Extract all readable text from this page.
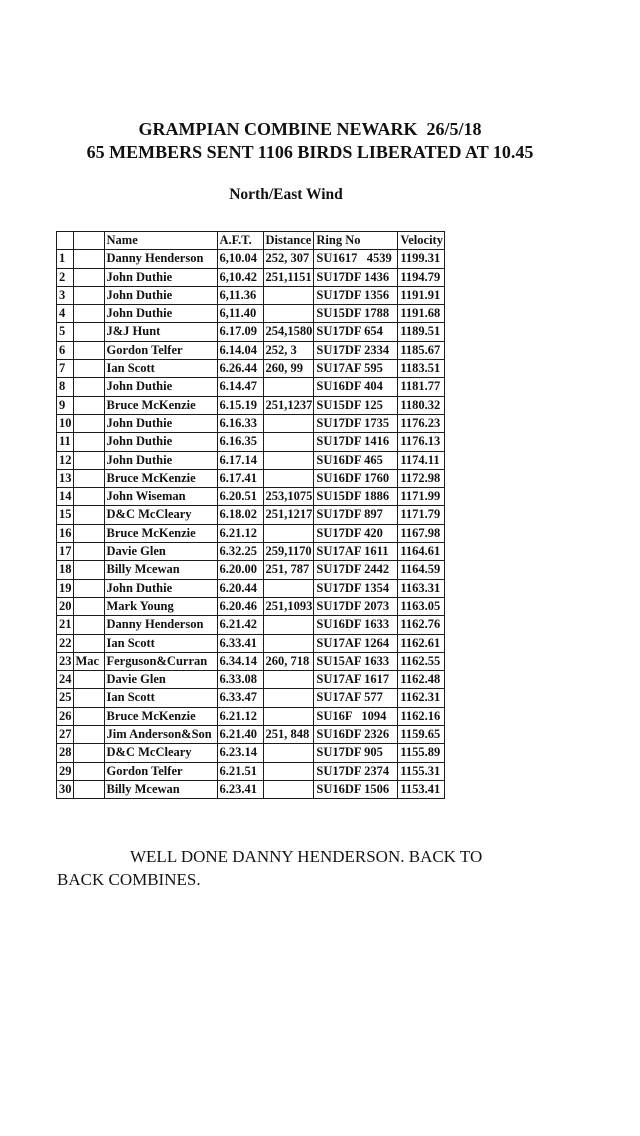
GRAMPIAN COMBINE NEWARK  26/5/18
65 MEMBERS SENT 1106 BIRDS LIBERATED AT 10.45
North/East Wind
		Name	A.F.T.	Distance	Ring No	Velocity
1		Danny Henderson	6,10.04	252, 307	SU1617   4539	1199.31
2		John Duthie	6,10.42	251,1151	SU17DF 1436	1194.79
3		John Duthie	6,11.36		SU17DF 1356	1191.91
4		John Duthie	6,11.40		SU15DF 1788	1191.68
5		J&J Hunt	6.17.09	254,1580	SU17DF 654	1189.51
6		Gordon Telfer	6.14.04	252, 3	SU17DF 2334	1185.67
7		Ian Scott	6.26.44	260, 99	SU17AF 595	1183.51
8		John Duthie	6.14.47		SU16DF 404	1181.77
9		Bruce McKenzie	6.15.19	251,1237	SU15DF 125	1180.32
10		John Duthie	6.16.33		SU17DF 1735	1176.23
11		John Duthie	6.16.35		SU17DF 1416	1176.13
12		John Duthie	6.17.14		SU16DF 465	1174.11
13		Bruce McKenzie	6.17.41		SU16DF 1760	1172.98
14		John Wiseman	6.20.51	253,1075	SU15DF 1886	1171.99
15		D&C McCleary	6.18.02	251,1217	SU17DF 897	1171.79
16		Bruce McKenzie	6.21.12		SU17DF 420	1167.98
17		Davie Glen	6.32.25	259,1170	SU17AF 1611	1164.61
18		Billy Mcewan	6.20.00	251, 787	SU17DF 2442	1164.59
19		John Duthie	6.20.44		SU17DF 1354	1163.31
20		Mark Young	6.20.46	251,1093	SU17DF 2073	1163.05
21		Danny Henderson	6.21.42		SU16DF 1633	1162.76
22		Ian Scott	6.33.41		SU17AF 1264	1162.61
23	Mac	Ferguson&Curran	6.34.14	260, 718	SU15AF 1633	1162.55
24		Davie Glen	6.33.08		SU17AF 1617	1162.48
25		Ian Scott	6.33.47		SU17AF 577	1162.31
26		Bruce McKenzie	6.21.12		SU16F   1094	1162.16
27		Jim Anderson&Son	6.21.40	251, 848	SU16DF 2326	1159.65
28		D&C McCleary	6.23.14		SU17DF 905	1155.89
29		Gordon Telfer	6.21.51		SU17DF 2374	1155.31
30		Billy Mcewan	6.23.41		SU16DF 1506	1153.41
WELL DONE DANNY HENDERSON. BACK TO
BACK COMBINES.
